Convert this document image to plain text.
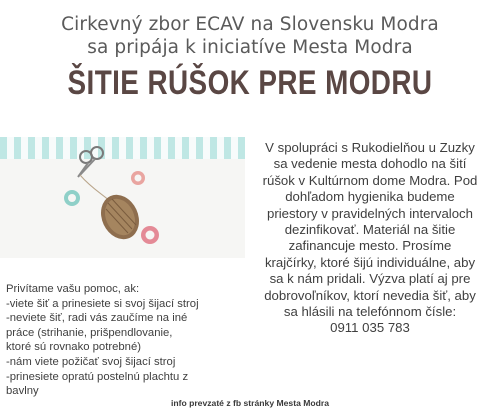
Cirkevný zbor ECAV na Slovensku Modra
sa pripája k iniciatíve Mesta Modra
ŠITIE RÚŠOK PRE MODRU
V spolupráci s Rukodielňou u Zuzky
sa vedenie mesta dohodlo na šití
rúšok v Kultúrnom dome Modra. Pod
dohľadom hygienika budeme
priestory v pravidelných intervaloch
dezinfikovať. Materiál na šitie
zafinancuje mesto. Prosíme
krajčírky, ktoré šijú individuálne, aby
sa k nám pridali. Výzva platí aj pre
dobrovoľníkov, ktorí nevedia šiť, aby
sa hlásili na telefónnom čísle:
0911 035 783
Privítame vašu pomoc, ak:
-viete šiť a prinesiete si svoj šijací stroj
-neviete šiť, radi vás zaučíme na iné
práce (strihanie, prišpendlovanie,
ktoré sú rovnako potrebné)
-nám viete požičať svoj šijací stroj
-prinesiete opratú postelnú plachtu z
bavlny
info prevzaté z fb stránky Mesta Modra
